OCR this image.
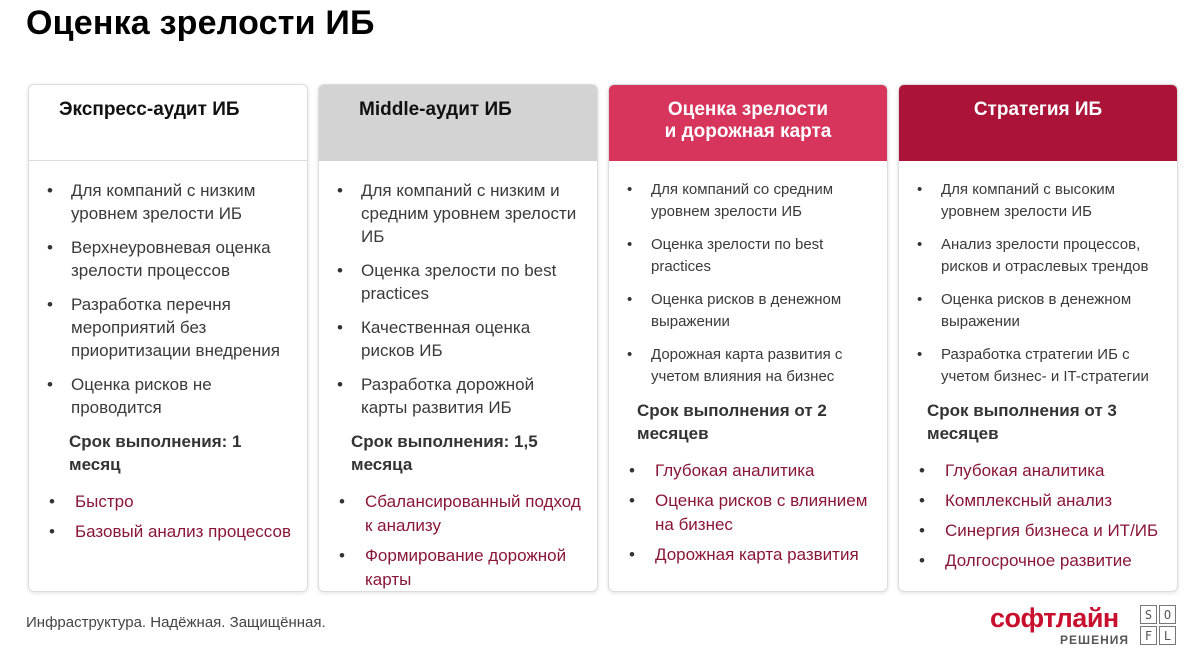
Оценка зрелости ИБ
Экспресс-аудит ИБ
• Для компаний с низким уровнем зрелости ИБ
• Верхнеуровневая оценка зрелости процессов
• Разработка перечня мероприятий без приоритизации внедрения
• Оценка рисков не проводится
Срок выполнения: 1 месяц
• Быстро
• Базовый анализ процессов
Middle-аудит ИБ
• Для компаний с низким и средним уровнем зрелости ИБ
• Оценка зрелости по best practices
• Качественная оценка рисков ИБ
• Разработка дорожной карты развития ИБ
Срок выполнения: 1,5 месяца
• Сбалансированный подход к анализу
• Формирование дорожной карты
Оценка зрелости
и дорожная карта
• Для компаний со средним уровнем зрелости ИБ
• Оценка зрелости по best practices
• Оценка рисков в денежном выражении
• Дорожная карта развития с учетом влияния на бизнес
Срок выполнения от 2 месяцев
• Глубокая аналитика
• Оценка рисков с влиянием на бизнес
• Дорожная карта развития
Стратегия ИБ
• Для компаний с высоким уровнем зрелости ИБ
• Анализ зрелости процессов, рисков и отраслевых трендов
• Оценка рисков в денежном выражении
• Разработка стратегии ИБ с учетом бизнес- и IT-стратегии
Срок выполнения от 3 месяцев
• Глубокая аналитика
• Комплексный анализ
• Синергия бизнеса и ИТ/ИБ
• Долгосрочное развитие
Инфраструктура. Надёжная. Защищённая.	софтлайн
РЕШЕНИЯ
S O
F L
